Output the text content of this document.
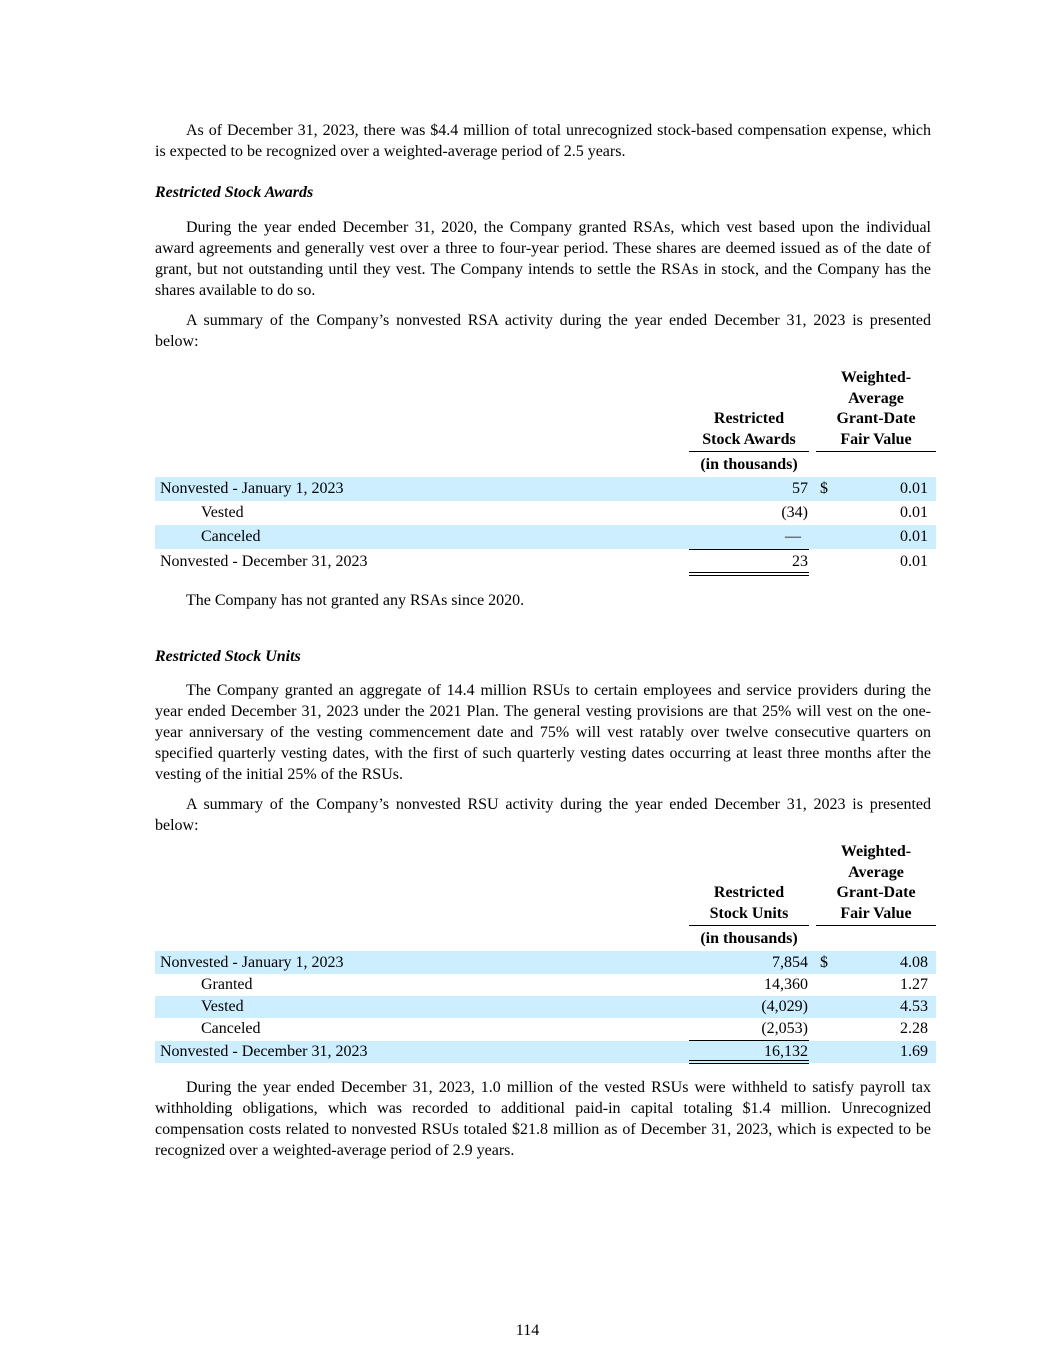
As of December 31, 2023, there was $4.4 million of total unrecognized stock-based compensation expense, which is expected to be recognized over a weighted-average period of 2.5 years.

Restricted Stock Awards

During the year ended December 31, 2020, the Company granted RSAs, which vest based upon the individual award agreements and generally vest over a three to four-year period. These shares are deemed issued as of the date of grant, but not outstanding until they vest. The Company intends to settle the RSAs in stock, and the Company has the shares available to do so.

A summary of the Company’s nonvested RSA activity during the year ended December 31, 2023 is presented below:

Restricted
Stock Awards
Weighted-
Average
Grant-Date
Fair Value
(in thousands)
Nonvested - January 1, 2023	57 $	0.01
Vested	(34)	0.01
Canceled	—	0.01
Nonvested - December 31, 2023	23	0.01

The Company has not granted any RSAs since 2020.

Restricted Stock Units

The Company granted an aggregate of 14.4 million RSUs to certain employees and service providers during the year ended December 31, 2023 under the 2021 Plan. The general vesting provisions are that 25% will vest on the one-year anniversary of the vesting commencement date and 75% will vest ratably over twelve consecutive quarters on specified quarterly vesting dates, with the first of such quarterly vesting dates occurring at least three months after the vesting of the initial 25% of the RSUs.

A summary of the Company’s nonvested RSU activity during the year ended December 31, 2023 is presented below:

Restricted
Stock Units
Weighted-
Average
Grant-Date
Fair Value
(in thousands)
Nonvested - January 1, 2023	7,854 $	4.08
Granted	14,360	1.27
Vested	(4,029)	4.53
Canceled	(2,053)	2.28
Nonvested - December 31, 2023	16,132	1.69

During the year ended December 31, 2023, 1.0 million of the vested RSUs were withheld to satisfy payroll tax withholding obligations, which was recorded to additional paid-in capital totaling $1.4 million. Unrecognized compensation costs related to nonvested RSUs totaled $21.8 million as of December 31, 2023, which is expected to be recognized over a weighted-average period of 2.9 years.

114
